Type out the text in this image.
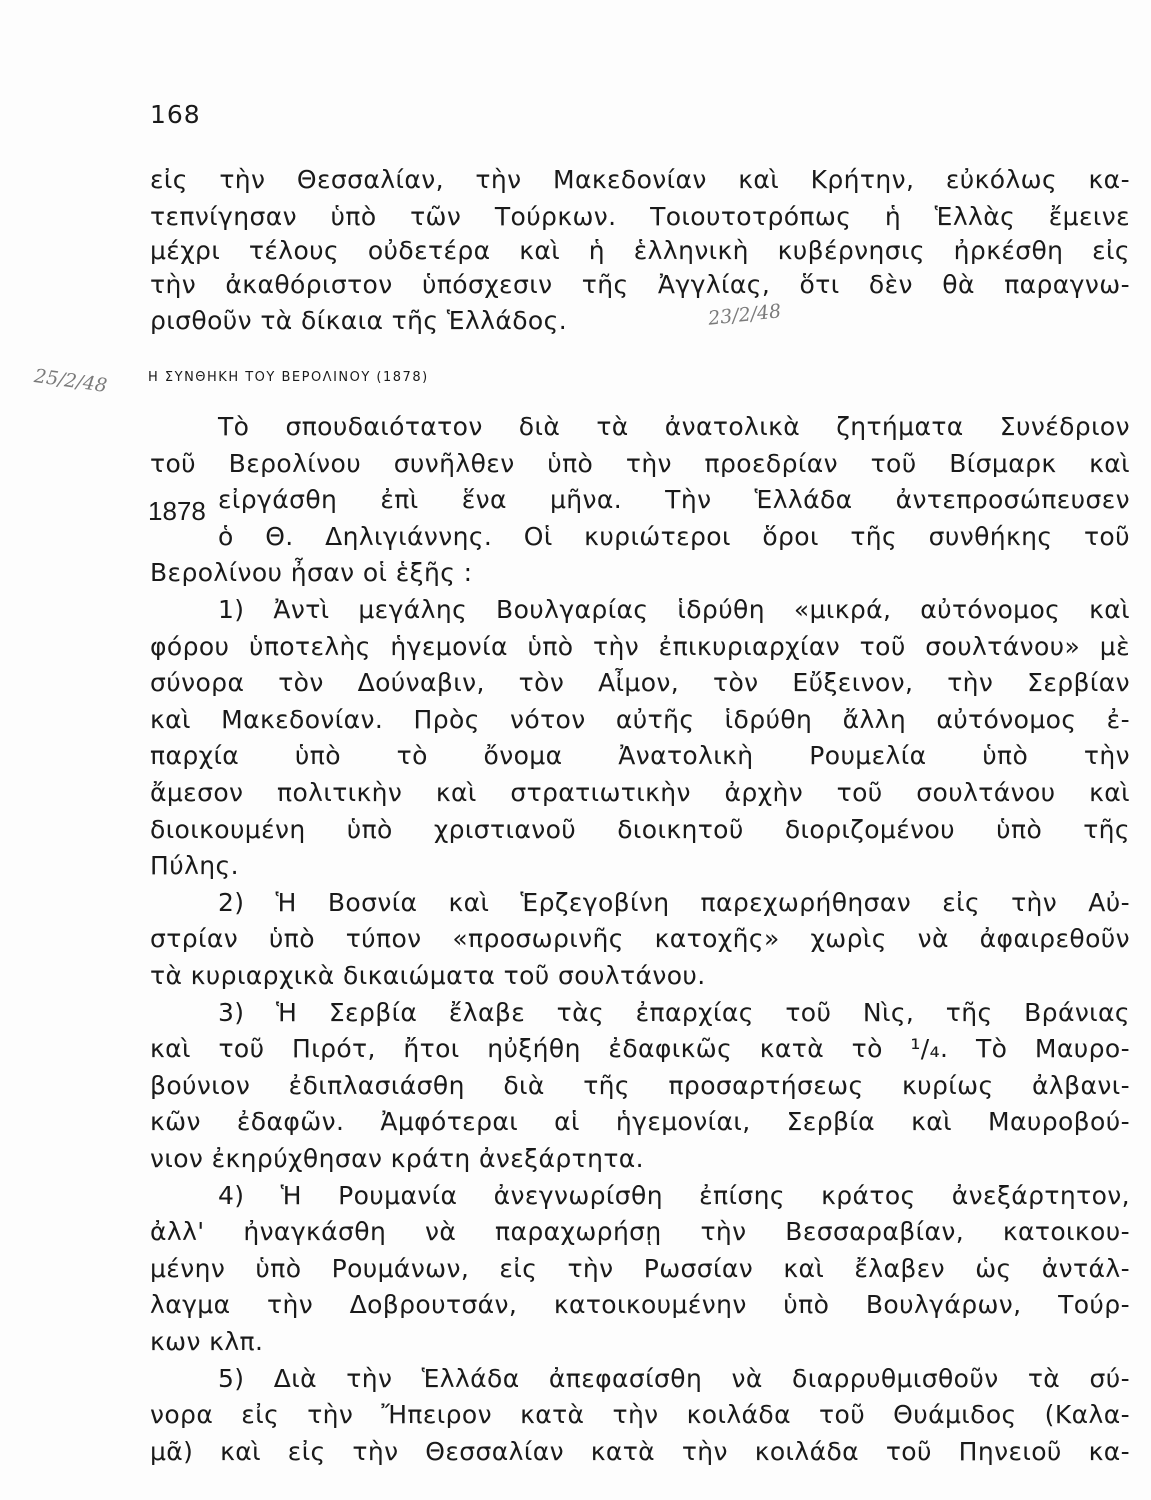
168
εἰς τὴν Θεσσαλίαν, τὴν Μακεδονίαν καὶ Κρήτην, εὐκόλως κα-
τεπνίγησαν ὑπὸ τῶν Τούρκων. Τοιουτοτρόπως ἡ Ἑλλὰς ἔμεινε
μέχρι τέλους οὐδετέρα καὶ ἡ ἑλληνικὴ κυβέρνησις ἠρκέσθη εἰς
τὴν ἀκαθόριστον ὑπόσχεσιν τῆς Ἀγγλίας, ὅτι δὲν θὰ παραγνω-
ρισθοῦν τὰ δίκαια τῆς Ἑλλάδος.	23/2/48
25/2/48	Η ΣΥΝΘΗΚΗ ΤΟΥ ΒΕΡΟΛΙΝΟΥ (1878)
1878
Τὸ σπουδαιότατον διὰ τὰ ἀνατολικὰ ζητήματα Συνέδριον
τοῦ Βερολίνου συνῆλθεν ὑπὸ τὴν προεδρίαν τοῦ Βίσμαρκ καὶ
εἰργάσθη ἐπὶ ἕνα μῆνα. Τὴν Ἑλλάδα ἀντεπροσώπευσεν
ὁ Θ. Δηλιγιάννης. Οἱ κυριώτεροι ὅροι τῆς συνθήκης τοῦ
Βερολίνου ἦσαν οἱ ἑξῆς :
1) Ἀντὶ μεγάλης Βουλγαρίας ἱδρύθη «μικρά, αὐτόνομος καὶ
φόρου ὑποτελὴς ἡγεμονία ὑπὸ τὴν ἐπικυριαρχίαν τοῦ σουλτάνου» μὲ
σύνορα τὸν Δούναβιν, τὸν Αἶμον, τὸν Εὔξεινον, τὴν Σερβίαν
καὶ Μακεδονίαν. Πρὸς νότον αὐτῆς ἱδρύθη ἄλλη αὐτόνομος ἐ-
παρχία ὑπὸ τὸ ὄνομα Ἀνατολικὴ Ρουμελία ὑπὸ τὴν
ἄμεσον πολιτικὴν καὶ στρατιωτικὴν ἀρχὴν τοῦ σουλτάνου καὶ
διοικουμένη ὑπὸ χριστιανοῦ διοικητοῦ διοριζομένου ὑπὸ τῆς
Πύλης.
2) Ἡ Βοσνία καὶ Ἑρζεγοβίνη παρεχωρήθησαν εἰς τὴν Αὐ-
στρίαν ὑπὸ τύπον «προσωρινῆς κατοχῆς» χωρὶς νὰ ἀφαιρεθοῦν
τὰ κυριαρχικὰ δικαιώματα τοῦ σουλτάνου.
3) Ἡ Σερβία ἔλαβε τὰς ἐπαρχίας τοῦ Νὶς, τῆς Βράνιας
καὶ τοῦ Πιρότ, ἤτοι ηὐξήθη ἐδαφικῶς κατὰ τὸ ¹/₄. Τὸ Μαυρο-
βούνιον ἐδιπλασιάσθη διὰ τῆς προσαρτήσεως κυρίως ἀλβανι-
κῶν ἐδαφῶν. Ἀμφότεραι αἱ ἡγεμονίαι, Σερβία καὶ Μαυροβού-
νιον ἐκηρύχθησαν κράτη ἀνεξάρτητα.
4) Ἡ Ρουμανία ἀνεγνωρίσθη ἐπίσης κράτος ἀνεξάρτητον,
ἀλλ' ἠναγκάσθη νὰ παραχωρήσῃ τὴν Βεσσαραβίαν, κατοικου-
μένην ὑπὸ Ρουμάνων, εἰς τὴν Ρωσσίαν καὶ ἔλαβεν ὡς ἀντάλ-
λαγμα τὴν Δοβρουτσάν, κατοικουμένην ὑπὸ Βουλγάρων, Τούρ-
κων κλπ.
5) Διὰ τὴν Ἑλλάδα ἀπεφασίσθη νὰ διαρρυθμισθοῦν τὰ σύ-
νορα εἰς τὴν Ἤπειρον κατὰ τὴν κοιλάδα τοῦ Θυάμιδος (Καλα-
μᾶ) καὶ εἰς τὴν Θεσσαλίαν κατὰ τὴν κοιλάδα τοῦ Πηνειοῦ κα-
